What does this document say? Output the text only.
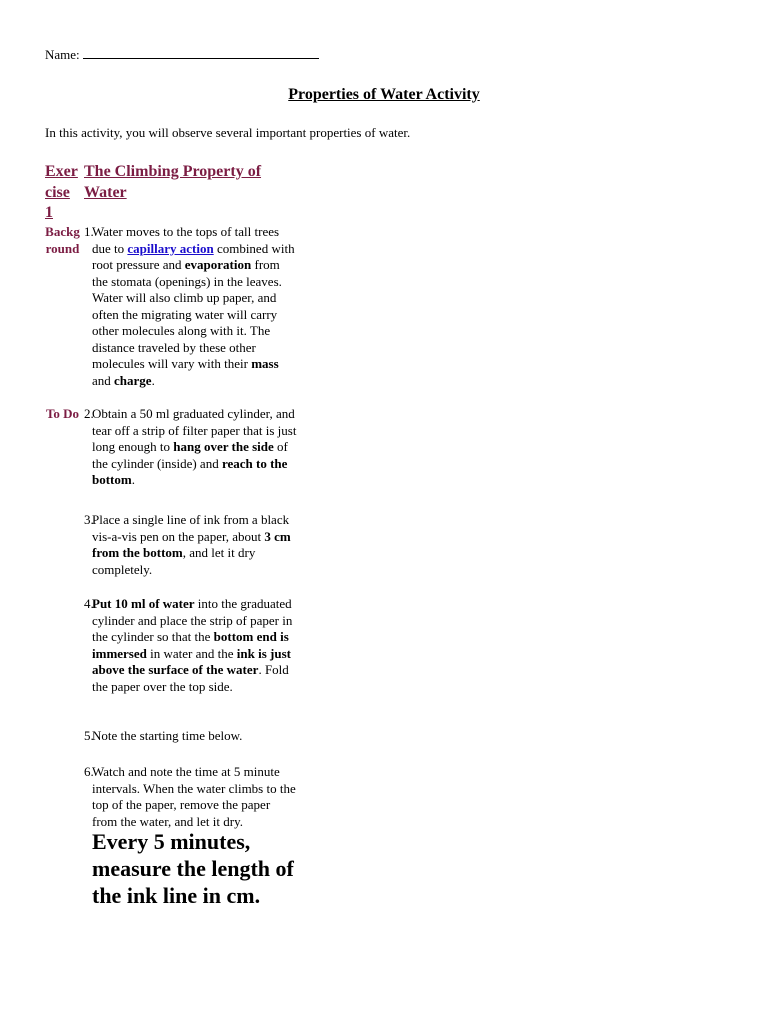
Name:
Properties of Water Activity
In this activity, you will observe several important properties of water.
Exercise 1
The Climbing Property of Water
Background
To Do
1.
Water moves to the tops of tall trees due to capillary action combined with root pressure and evaporation from the stomata (openings) in the leaves. Water will also climb up paper, and often the migrating water will carry other molecules along with it. The distance traveled by these other molecules will vary with their mass and charge.
2.
Obtain a 50 ml graduated cylinder, and tear off a strip of filter paper that is just long enough to hang over the side of the cylinder (inside) and reach to the bottom.
3.
Place a single line of ink from a black vis-a-vis pen on the paper, about 3 cm from the bottom, and let it dry completely.
4.
Put 10 ml of water into the graduated cylinder and place the strip of paper in the cylinder so that the bottom end is immersed in water and the ink is just above the surface of the water. Fold the paper over the top side.
5.
Note the starting time below.
6.
Watch and note the time at 5 minute intervals. When the water climbs to the top of the paper, remove the paper from the water, and let it dry.
Every 5 minutes, measure the length of the ink line in cm.
